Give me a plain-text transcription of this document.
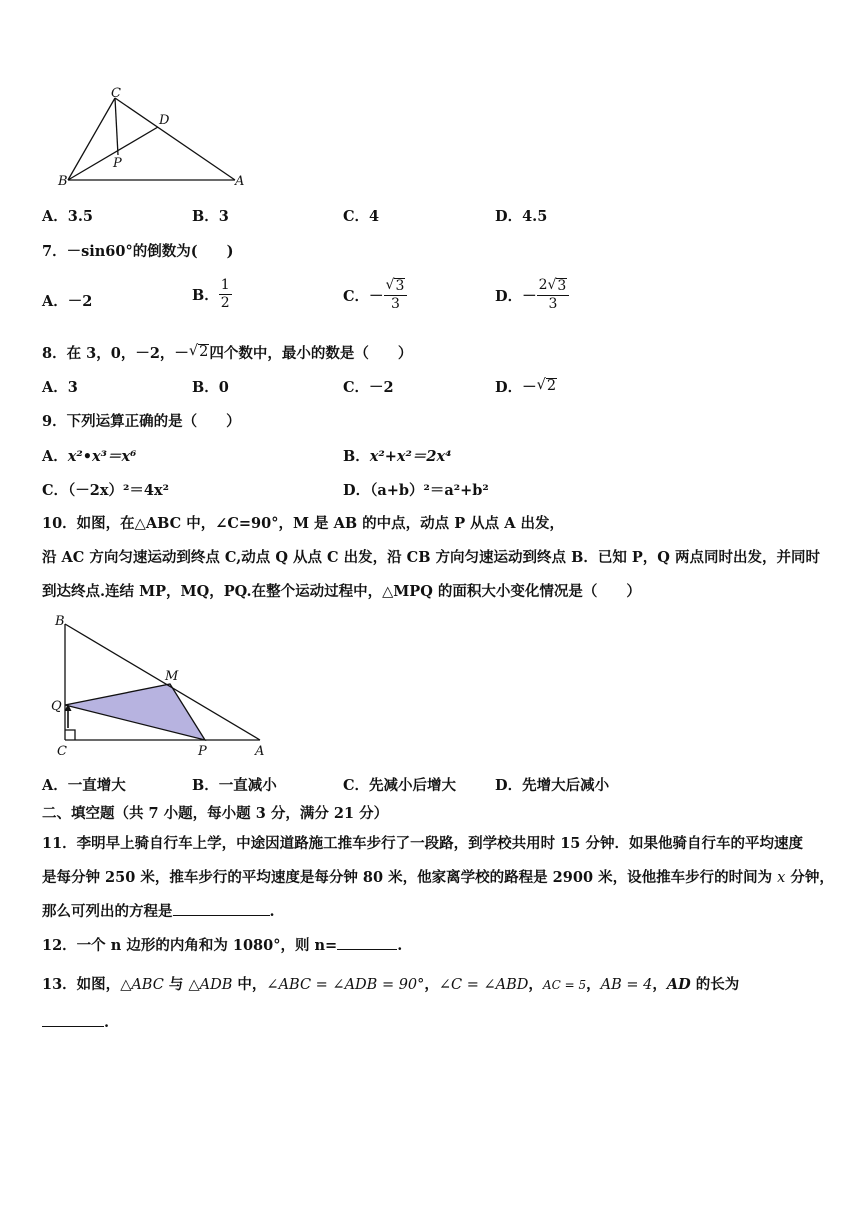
C
D
P
B	A
A．3.5	B．3	C．4	D．4.5
7．－sin60°的倒数为(　　)
A．－2	B． $\frac{1}{2}$	C．－ $\frac{√ 3}{3}$	D．－ $\frac{2 √ 3}{3}$
8．在 3，0，－2，－ √ 2 四个数中，最小的数是（　　）
A．3	B．0	C．－2	D．－ √ 2
9．下列运算正确的是（　　）
A．x²•x³＝x⁶	B．x²+x²＝2x⁴
C．（－2x）²＝4x²	D．（a+b）²＝a²+b²
10．如图，在△ABC 中，∠C=90°，M 是 AB 的中点，动点 P 从点 A 出发，
沿 AC 方向匀速运动到终点 C,动点 Q 从点 C 出发，沿 CB 方向匀速运动到终点 B．已知 P，Q 两点同时出发，并同时
到达终点.连结 MP，MQ，PQ.在整个运动过程中，△MPQ 的面积大小变化情况是（　　）
B
M
Q
C	P	A
A．一直增大	B．一直减小	C．先减小后增大	D．先增大后减小
二、填空题（共 7 小题，每小题 3 分，满分 21 分）
11．李明早上骑自行车上学，中途因道路施工推车步行了一段路，到学校共用时 15 分钟．如果他骑自行车的平均速度
是每分钟 250 米，推车步行的平均速度是每分钟 80 米，他家离学校的路程是 2900 米，设他推车步行的时间为 x 分钟，
那么可列出的方程是	.
12．一个 n 边形的内角和为 1080°，则 n=	.
13．如图，△ABC 与 △ADB 中，∠ABC = ∠ADB = 90°，∠C = ∠ABD，AC = 5，AB = 4，AD 的长为
.
